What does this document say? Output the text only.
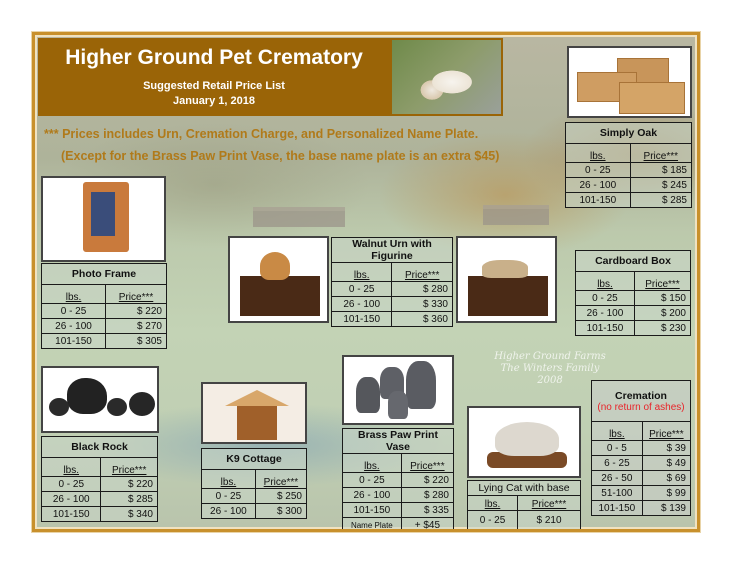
Higher Ground Pet Crematory
Suggested Retail Price List
January 1, 2018
*** Prices includes Urn, Cremation Charge, and Personalized Name Plate.
(Except for the Brass Paw Print Vase, the base name plate is an extra $45)
Higher Ground Farms
The Winters Family
2008
Simply Oak	
lbs.	Price***
0 - 25	$ 185
26 - 100	$ 245
101-150	$ 285
Photo Frame	
lbs.	Price***
0 - 25	$ 220
26 - 100	$ 270
101-150	$ 305
Walnut Urn with Figurine	
lbs.	Price***
0 - 25	$ 280
26 - 100	$ 330
101-150	$ 360
Cardboard Box	
lbs.	Price***
0 - 25	$ 150
26 - 100	$ 200
101-150	$ 230
Black Rock	
lbs.	Price***
0 - 25	$ 220
26 - 100	$ 285
101-150	$ 340
K9 Cottage	
lbs.	Price***
0 - 25	$ 250
26 - 100	$ 300
Brass Paw Print Vase	
lbs.	Price***
0 - 25	$ 220
26 - 100	$ 280
101-150	$ 335
Name Plate	+ $45
Lying Cat with base	
lbs.	Price***
0 - 25	$ 210
Cremation
(no return of ashes)	

lbs.	Price***
0 - 5	$ 39
6 - 25	$ 49
26 - 50	$ 69
51-100	$ 99
101-150	$ 139
